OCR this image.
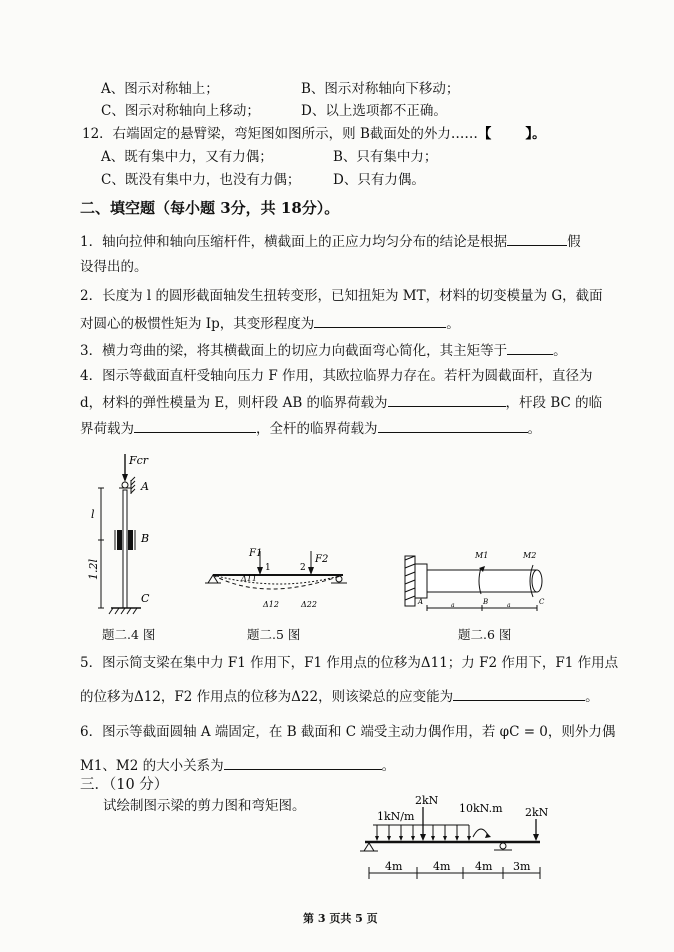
A、图示对称轴上；	B、图示对称轴向下移动；
C、图示对称轴向上移动；	D、以上选项都不正确。
12．右端固定的悬臂梁，弯矩图如图所示，则 B截面处的外力……【	】。
A、既有集中力，又有力偶；	B、只有集中力；
C、既没有集中力，也没有力偶； D、只有力偶。
二、填空题（每小题 3分，共 18分）。
1．轴向拉伸和轴向压缩杆件，横截面上的正应力均匀分布的结论是根据	假
设得出的。
2．长度为 l 的圆形截面轴发生扭转变形，已知扭矩为 MT，材料的切变模量为 G，截面
对圆心的极惯性矩为 Ip，其变形程度为	。
3．横力弯曲的梁，将其横截面上的切应力向截面弯心简化，其主矩等于	。
4．图示等截面直杆受轴向压力 F 作用，其欧拉临界力存在。若杆为圆截面杆，直径为
d，材料的弹性模量为 E，则杆段 AB 的临界荷载为	，杆段 BC 的临
界荷载为	，全杆的临界荷载为	。
Fcr
A
B
l
1.2l
C
题二.4 图
F1
1
F2
2
Δ11
Δ12	Δ22
题二.5 图
M1	M2
A	B	C
a	a
题二.6 图
5．图示简支梁在集中力 F1 作用下，F1 作用点的位移为Δ11；力 F2 作用下，F1 作用点
的位移为Δ12，F2 作用点的位移为Δ22，则该梁总的应变能为	。
6．图示等截面圆轴 A 端固定，在 B 截面和 C 端受主动力偶作用，若 φC = 0，则外力偶
M1、M2 的大小关系为	。
三．（10 分）
试绘制图示梁的剪力图和弯矩图。
1kN/m
2kN
10kN.m 2kN
4m	4m 4m 3m
第 3 页共 5 页
